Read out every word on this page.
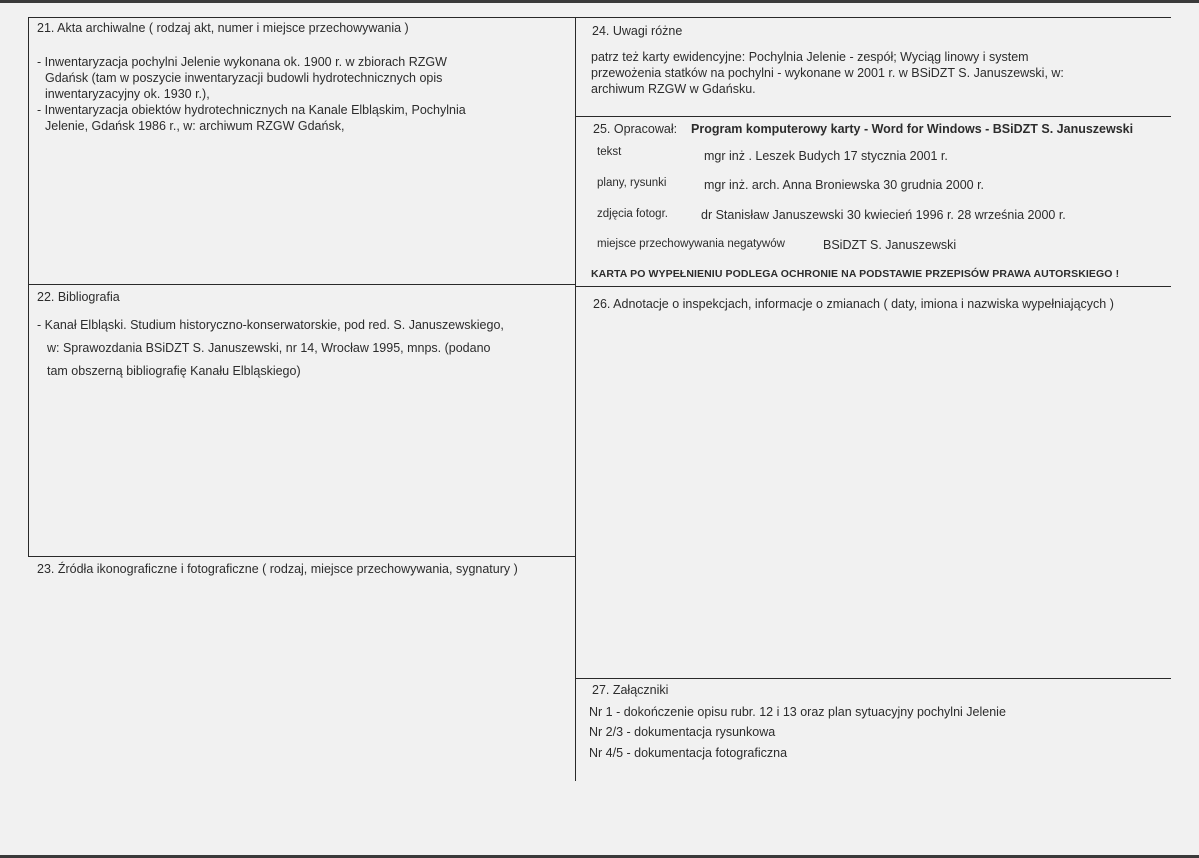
21. Akta archiwalne ( rodzaj akt, numer i miejsce przechowywania )
- Inwentaryzacja pochylni Jelenie wykonana ok. 1900 r. w zbiorach RZGW
Gdańsk (tam w poszycie inwentaryzacji budowli hydrotechnicznych opis
inwentaryzacyjny ok. 1930 r.),
- Inwentaryzacja obiektów hydrotechnicznych na Kanale Elbląskim, Pochylnia
Jelenie, Gdańsk 1986 r., w: archiwum RZGW Gdańsk,
22. Bibliografia
- Kanał Elbląski. Studium historyczno-konserwatorskie, pod red. S. Januszewskiego,
w: Sprawozdania BSiDZT S. Januszewski, nr 14, Wrocław 1995, mnps. (podano
tam obszerną bibliografię Kanału Elbląskiego)
23. Źródła ikonograficzne i fotograficzne ( rodzaj, miejsce przechowywania, sygnatury )
24. Uwagi różne
patrz też karty ewidencyjne: Pochylnia Jelenie - zespół; Wyciąg linowy i system
przewożenia statków na pochylni - wykonane w 2001 r. w BSiDZT S. Januszewski, w:
archiwum RZGW w Gdańsku.
25. Opracował: Program komputerowy karty - Word for Windows - BSiDZT S. Januszewski
tekst	mgr inż . Leszek Budych 17 stycznia 2001 r.
plany, rysunki	mgr inż. arch. Anna Broniewska 30 grudnia 2000 r.
zdjęcia fotogr.	dr Stanisław Januszewski 30 kwiecień 1996 r. 28 września 2000 r.
miejsce przechowywania negatywów	BSiDZT S. Januszewski
KARTA PO WYPEŁNIENIU PODLEGA OCHRONIE NA PODSTAWIE PRZEPISÓW PRAWA AUTORSKIEGO !
26. Adnotacje o inspekcjach, informacje o zmianach ( daty, imiona i nazwiska wypełniających )
27. Załączniki
Nr 1 - dokończenie opisu rubr. 12 i 13 oraz plan sytuacyjny pochylni Jelenie
Nr 2/3 - dokumentacja rysunkowa
Nr 4/5 - dokumentacja fotograficzna
